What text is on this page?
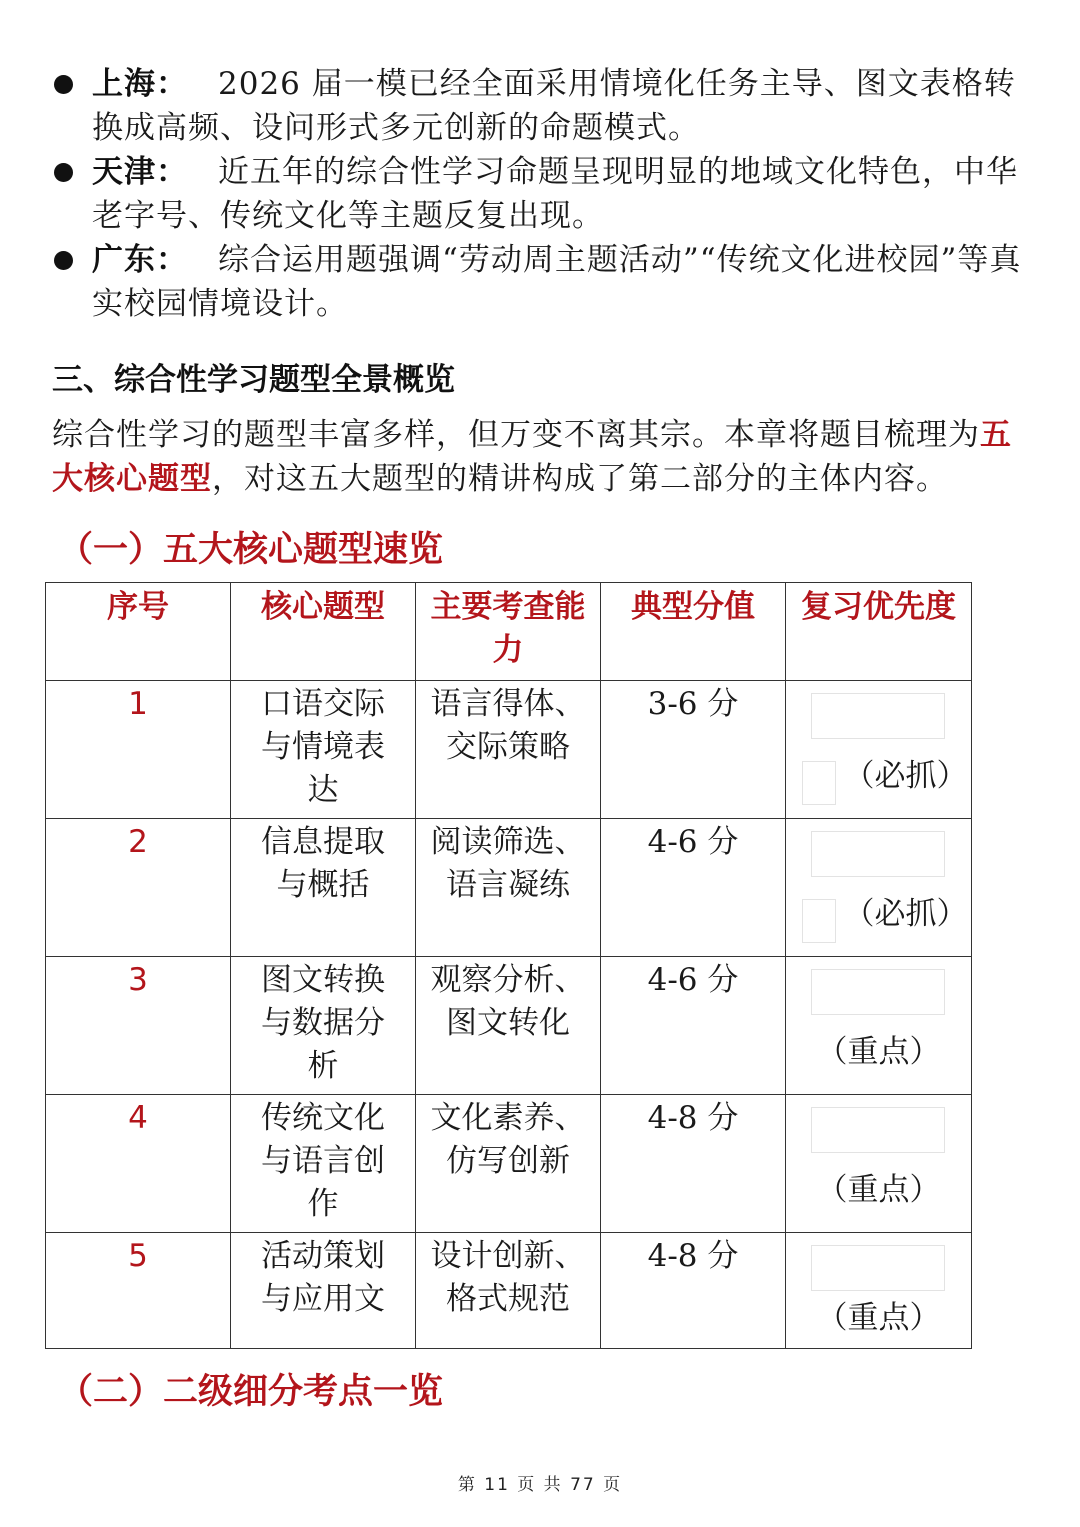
上海： 2026 届一模已经全面采用情境化任务主导、图文表格转换成高频、设问形式多元创新的命题模式。
天津： 近五年的综合性学习命题呈现明显的地域文化特色，中华老字号、传统文化等主题反复出现。
广东： 综合运用题强调“劳动周主题活动”“传统文化进校园”等真实校园情境设计。
三、综合性学习题型全景概览
综合性学习的题型丰富多样，但万变不离其宗。本章将题目梳理为五大核心题型，对这五大题型的精讲构成了第二部分的主体内容。
（一）五大核心题型速览
序号	核心题型	主要考查能力	典型分值	复习优先度
1	口语交际与情境表达	语言得体、交际策略	3-6 分	（必抓）

2	信息提取与概括	阅读筛选、语言凝练	4-6 分	（必抓）

3	图文转换与数据分析	观察分析、图文转化	4-6 分	（重点）

4	传统文化与语言创作	文化素养、仿写创新	4-8 分	（重点）

5	活动策划与应用文	设计创新、格式规范	4-8 分	（重点）
（二）二级细分考点一览
第 11 页 共 77 页
